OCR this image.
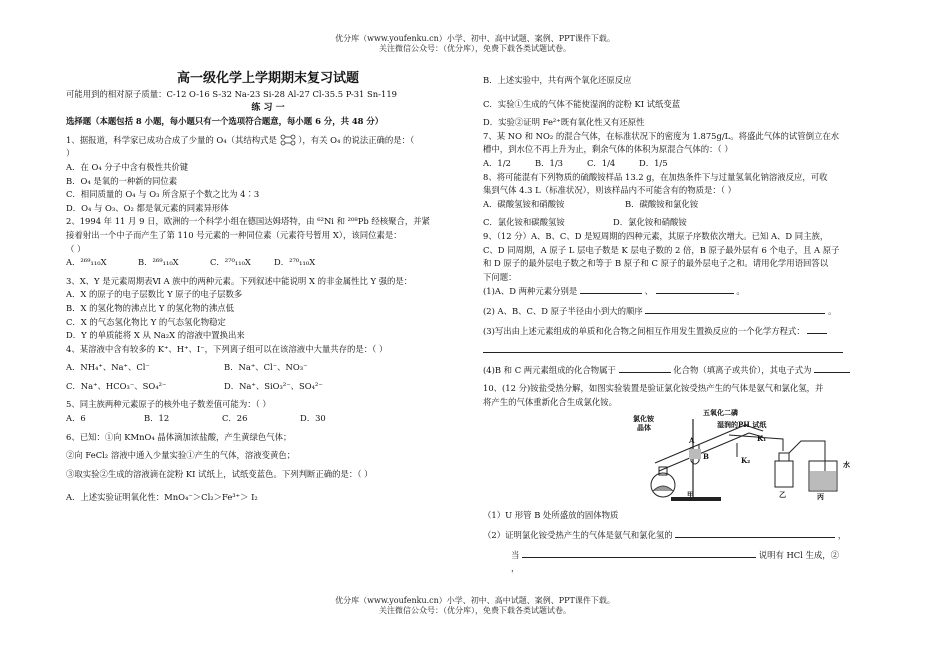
优分库（www.youfenku.cn）小学、初中、高中试题、案例、PPT课件下载。
关注微信公众号：（优分库），免费下载各类试题试卷。

高一级化学上学期期末复习试题

可能用到的相对原子质量：C-12 O-16 S-32 Na-23 Si-28 Al-27 Cl-35.5 P-31 Sn-119

练 习 一

选择题（本题包括 8 小题，每小题只有一个选项符合题意，每小题 6 分，共 48 分）

1、据报道，科学家已成功合成了少量的 O₄（其结构式是	），有关 O₄ 的说法正确的是：（

）

A．在 O₄ 分子中含有极性共价键

B．O₄ 是氧的一种新的同位素

C．相同质量的 O₄ 与 O₃ 所含原子个数之比为 4∶3

D．O₄ 与 O₃、O₂ 都是氧元素的同素异形体

2、1994 年 11 月 9 日，欧洲的一个科学小组在德国达姆塔特，由 ⁶²Ni 和 ²⁰⁸Pb 经核聚合，并紧

接着射出一个中子而产生了第 110 号元素的一种同位素（元素符号暂用 X），该同位素是：

（ ）

A．²⁶⁹₁₁₀X	B．²⁶⁹₁₁₀X	C．²⁷⁰₁₁₀X	D．²⁷⁰₁₁₀X

3、X、Y 是元素周期表Ⅵ A 族中的两种元素。下列叙述中能说明 X 的非金属性比 Y 强的是：

A．X 的原子的电子层数比 Y 原子的电子层数多

B．X 的氢化物的沸点比 Y 的氢化物的沸点低

C．X 的气态氢化物比 Y 的气态氢化物稳定

D．Y 的单质能将 X 从 Na₂X 的溶液中置换出来

4、某溶液中含有较多的 K⁺、H⁺、I⁻，下列离子组可以在该溶液中大量共存的是：（ ）

A．NH₄⁺、Na⁺、Cl⁻	B．Na⁺、Cl⁻、NO₃⁻

C．Na⁺、HCO₃⁻、SO₄²⁻	D．Na⁺、SiO₃²⁻、SO₄²⁻

5、同主族两种元素原子的核外电子数差值可能为：（ ）

A．6	B．12	C．26	D．30

6、已知：①向 KMnO₄ 晶体滴加浓盐酸，产生黄绿色气体；

②向 FeCl₂ 溶液中通入少量实验①产生的气体，溶液变黄色；

③取实验②生成的溶液滴在淀粉 KI 试纸上，试纸变蓝色。下列判断正确的是：（ ）

A．上述实验证明氧化性：MnO₄⁻＞Cl₂＞Fe³⁺＞ I₂

B．上述实验中，共有两个氧化还原反应

C．实验①生成的气体不能使湿润的淀粉 KI 试纸变蓝

D．实验②证明 Fe²⁺既有氧化性又有还原性

7、某 NO 和 NO₂ 的混合气体，在标准状况下的密度为 1.875g/L。将盛此气体的试管倒立在水

槽中，到水位不再上升为止，剩余气体的体积为原混合气体的：（ ）

A．1/2	B．1/3	C．1/4	D．1/5

8、将可能混有下列物质的硫酸铵样品 13.2 g，在加热条件下与过量氢氧化钠溶液反应，可收

集到气体 4.3 L（标准状况），则该样品内不可能含有的物质是：（ ）

A．碳酸氢铵和硝酸铵	B．碳酸铵和氯化铵

C．氯化铵和碳酸氢铵	D．氯化铵和硝酸铵

9、（12 分）A、B、C、D 是短周期的四种元素，其原子序数依次增大。已知 A、D 同主族，

C、D 同周期，A 原子 L 层电子数是 K 层电子数的 2 倍，B 原子最外层有 6 个电子，且 A 原子

和 D 原子的最外层电子数之和等于 B 原子和 C 原子的最外层电子之和。请用化学用语回答以

下问题：

(1)A、D 两种元素分别是	、	。

(2) A、B、C、D 原子半径由小到大的顺序	。

(3)写出由上述元素组成的单质和化合物之间相互作用发生置换反应的一个化学方程式：

(4)B 和 C 两元素组成的化合物属于	化合物（填离子或共价），其电子式为

10、(12 分)铵盐受热分解，如图实验装置是验证氯化铵受热产生的气体是氨气和氯化氢，并

将产生的气体重新化合生成氯化铵。

五氧化二磷
氯化铵
晶体	湿润的PH 试纸
A
B
K₁
K₂
甲	乙	丙
水

（1）U 形管 B 处所盛放的固体物质

（2）证明氯化铵受热产生的气体是氨气和氯化氢的	，

当	说明有 HCl 生成，②

，

优分库（www.youfenku.cn）小学、初中、高中试题、案例、PPT课件下载。
关注微信公众号：（优分库），免费下载各类试题试卷。
